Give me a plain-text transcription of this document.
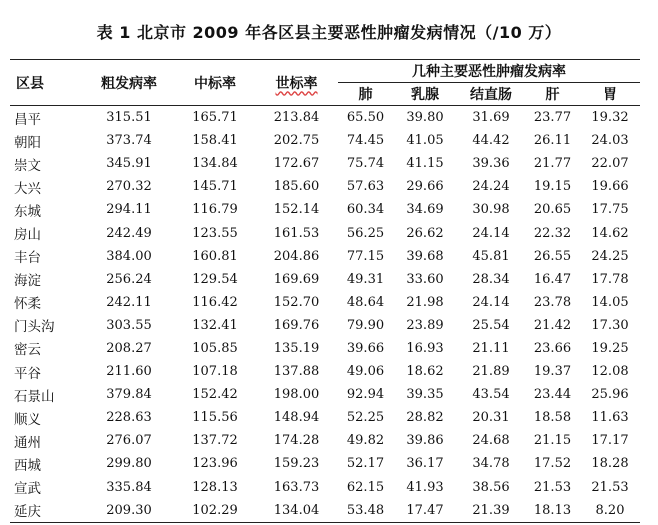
表 1 北京市 2009 年各区县主要恶性肿瘤发病情况（/10 万）
区县	粗发病率	中标率	世标率	几种主要恶性肿瘤发病率				
				肺	乳腺	结直肠	肝	胃
昌平	315.51	165.71	213.84	65.50	39.80	31.69	23.77	19.32
朝阳	373.74	158.41	202.75	74.45	41.05	44.42	26.11	24.03
崇文	345.91	134.84	172.67	75.74	41.15	39.36	21.77	22.07
大兴	270.32	145.71	185.60	57.63	29.66	24.24	19.15	19.66
东城	294.11	116.79	152.14	60.34	34.69	30.98	20.65	17.75
房山	242.49	123.55	161.53	56.25	26.62	24.14	22.32	14.62
丰台	384.00	160.81	204.86	77.15	39.68	45.81	26.55	24.25
海淀	256.24	129.54	169.69	49.31	33.60	28.34	16.47	17.78
怀柔	242.11	116.42	152.70	48.64	21.98	24.14	23.78	14.05
门头沟	303.55	132.41	169.76	79.90	23.89	25.54	21.42	17.30
密云	208.27	105.85	135.19	39.66	16.93	21.11	23.66	19.25
平谷	211.60	107.18	137.88	49.06	18.62	21.89	19.37	12.08
石景山	379.84	152.42	198.00	92.94	39.35	43.54	23.44	25.96
顺义	228.63	115.56	148.94	52.25	28.82	20.31	18.58	11.63
通州	276.07	137.72	174.28	49.82	39.86	24.68	21.15	17.17
西城	299.80	123.96	159.23	52.17	36.17	34.78	17.52	18.28
宣武	335.84	128.13	163.73	62.15	41.93	38.56	21.53	21.53
延庆	209.30	102.29	134.04	53.48	17.47	21.39	18.13	8.20
